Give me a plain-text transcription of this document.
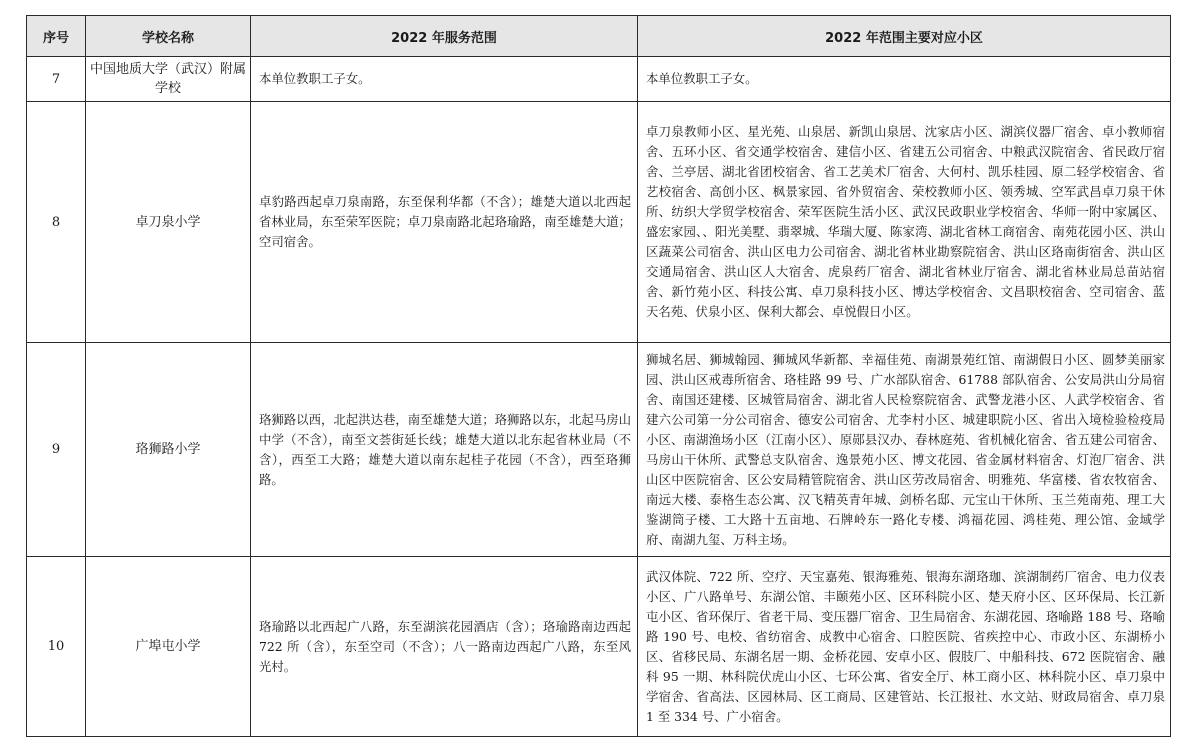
序号	学校名称	2022 年服务范围	2022 年范围主要对应小区
7	中国地质大学（武汉）附属学校	本单位教职工子女。	本单位教职工子女。
8	卓刀泉小学	卓豹路西起卓刀泉南路，东至保利华都（不含）；雄楚大道以北西起省林业局，东至荣军医院；卓刀泉南路北起珞瑜路，南至雄楚大道；空司宿舍。	卓刀泉教师小区、星光苑、山泉居、新凯山泉居、沈家店小区、湖滨仪器厂宿舍、卓小教师宿舍、五环小区、省交通学校宿舍、建信小区、省建五公司宿舍、中粮武汉院宿舍、省民政厅宿舍、兰亭居、湖北省团校宿舍、省工艺美术厂宿舍、大何村、凯乐桂园、原二轻学校宿舍、省艺校宿舍、高创小区、枫景家园、省外贸宿舍、荣校教师小区、领秀城、空军武昌卓刀泉干休所、纺织大学贸学校宿舍、荣军医院生活小区、武汉民政职业学校宿舍、华师一附中家属区、盛宏家园、、阳光美墅、翡翠城、华瑞大厦、陈家湾、湖北省林工商宿舍、南苑花园小区、洪山区蔬菜公司宿舍、洪山区电力公司宿舍、湖北省林业勘察院宿舍、洪山区珞南街宿舍、洪山区交通局宿舍、洪山区人大宿舍、虎泉药厂宿舍、湖北省林业厅宿舍、湖北省林业局总苗站宿舍、新竹苑小区、科技公寓、卓刀泉科技小区、博达学校宿舍、文昌职校宿舍、空司宿舍、蓝天名苑、伏泉小区、保利大都会、卓悦假日小区。
9	珞狮路小学	珞狮路以西，北起洪达巷，南至雄楚大道；珞狮路以东，北起马房山中学（不含），南至文荟街延长线；雄楚大道以北东起省林业局（不含），西至工大路；雄楚大道以南东起桂子花园（不含），西至珞狮路。	狮城名居、狮城翰园、狮城风华新都、幸福佳苑、南湖景苑红馆、南湖假日小区、圆梦美丽家园、洪山区戒毒所宿舍、珞桂路 99 号、广水部队宿舍、61788 部队宿舍、公安局洪山分局宿舍、南国还建楼、区城管局宿舍、湖北省人民检察院宿舍、武警龙港小区、人武学校宿舍、省建六公司第一分公司宿舍、德安公司宿舍、尤李村小区、城建职院小区、省出入境检验检疫局小区、南湖渔场小区（江南小区）、原郧县汉办、春林庭苑、省机械化宿舍、省五建公司宿舍、马房山干休所、武警总支队宿舍、逸景苑小区、博文花园、省金属材料宿舍、灯泡厂宿舍、洪山区中医院宿舍、区公安局精管院宿舍、洪山区劳改局宿舍、明雅苑、华富楼、省农牧宿舍、南远大楼、泰格生态公寓、汉飞精英青年城、剑桥名邸、元宝山干休所、玉兰苑南苑、理工大鉴湖筒子楼、工大路十五亩地、石牌岭东一路化专楼、鸿福花园、鸿桂苑、理公馆、金域学府、南湖九玺、万科主场。
10	广埠屯小学	珞瑜路以北西起广八路，东至湖滨花园酒店（含）；珞瑜路南边西起 722 所（含），东至空司（不含）；八一路南边西起广八路，东至风光村。	武汉体院、722 所、空疗、天宝嘉苑、银海雅苑、银海东湖珞珈、滨湖制药厂宿舍、电力仪表小区、广八路单号、东湖公馆、丰颐苑小区、区环科院小区、楚天府小区、区环保局、长江新屯小区、省环保厅、省老干局、变压器厂宿舍、卫生局宿舍、东湖花园、珞喻路 188 号、珞喻路 190 号、电校、省纺宿舍、成教中心宿舍、口腔医院、省疾控中心、市政小区、东湖桥小区、省移民局、东湖名居一期、金桥花园、安卓小区、假肢厂、中船科技、672 医院宿舍、融科 95 一期、林科院伏虎山小区、七环公寓、省安全厅、林工商小区、林科院小区、卓刀泉中学宿舍、省高法、区园林局、区工商局、区建管站、长江报社、水文站、财政局宿舍、卓刀泉 1 至 334 号、广小宿舍。
